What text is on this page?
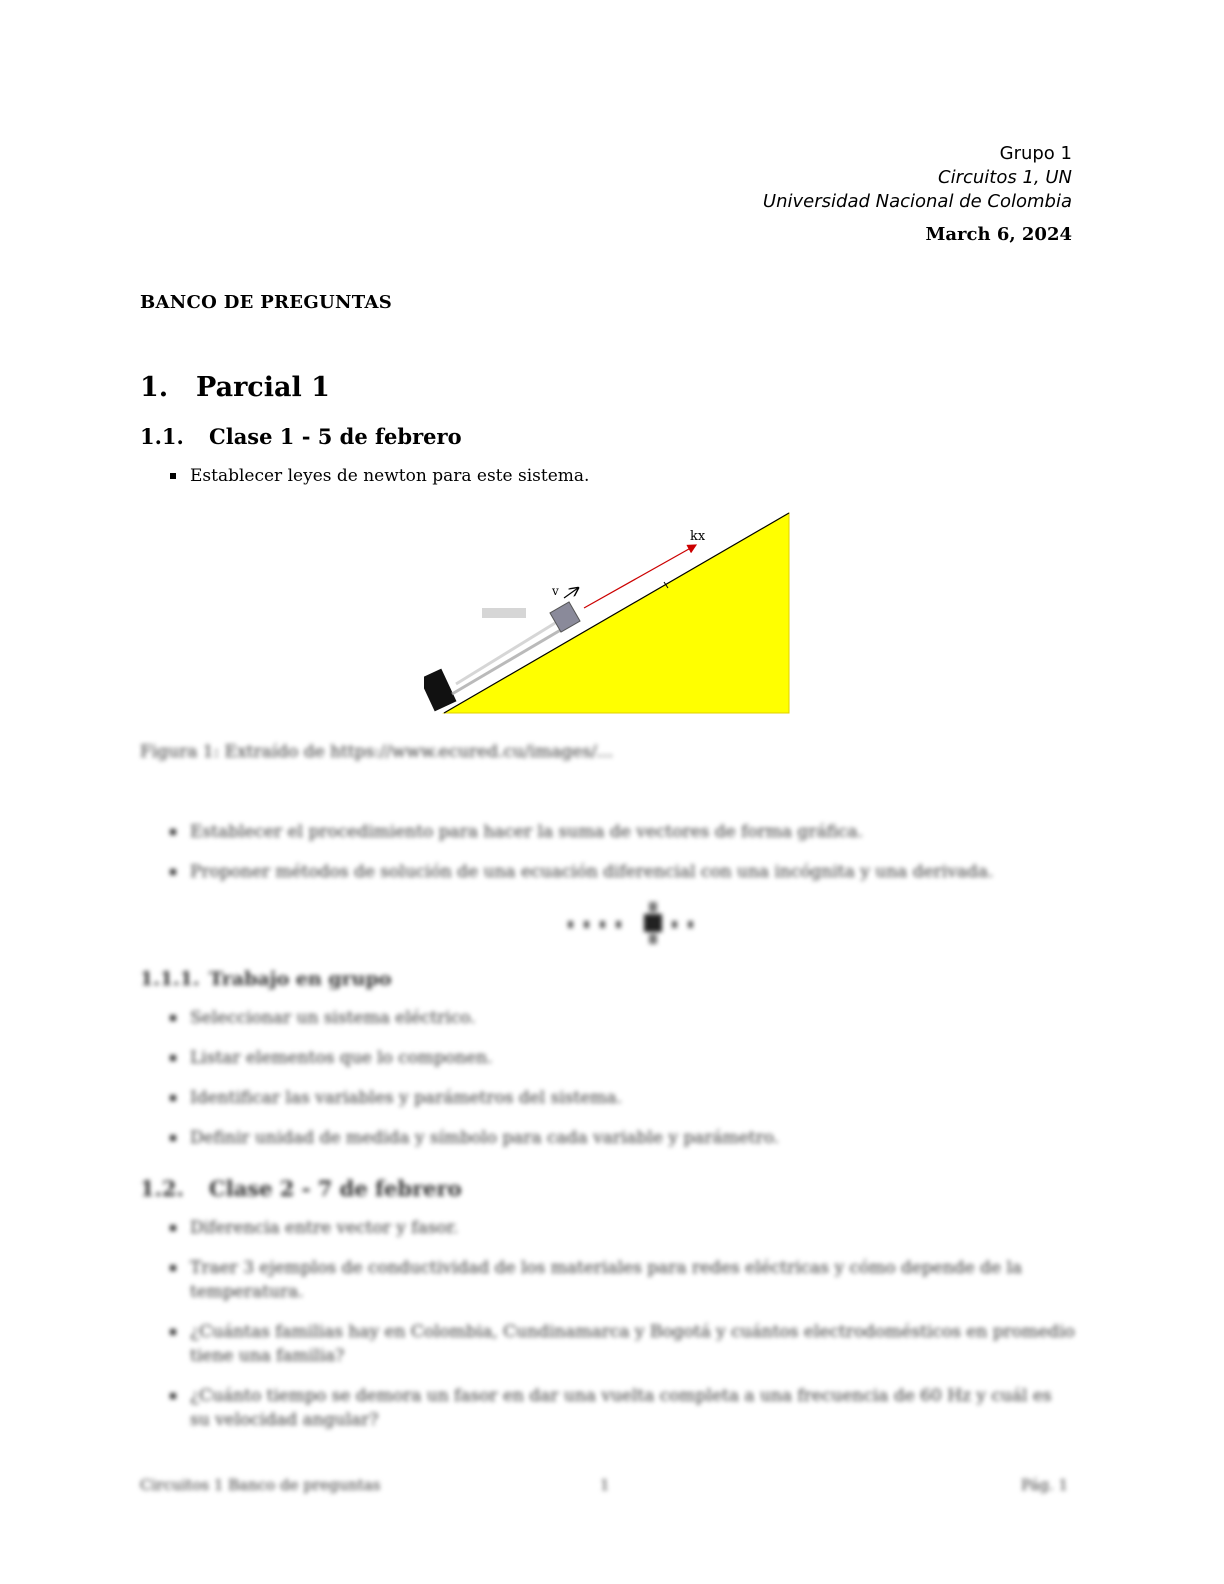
Grupo 1
Circuitos 1, UN
Universidad Nacional de Colombia
March 6, 2024
BANCO DE PREGUNTAS
1. Parcial 1
1.1. Clase 1 - 5 de febrero
Establecer leyes de newton para este sistema.
v
kx
Figura 1: Extraído de https://www.ecured.cu/images/...
Establecer el procedimiento para hacer la suma de vectores de forma gráfica.
Proponer métodos de solución de una ecuación diferencial con una incógnita y una derivada.
1.1.1. Trabajo en grupo
Seleccionar un sistema eléctrico.
Listar elementos que lo componen.
Identificar las variables y parámetros del sistema.
Definir unidad de medida y símbolo para cada variable y parámetro.
1.2. Clase 2 - 7 de febrero
Diferencia entre vector y fasor.
Traer 3 ejemplos de conductividad de los materiales para redes eléctricas y cómo depende de la temperatura.
¿Cuántas familias hay en Colombia, Cundinamarca y Bogotá y cuántos electrodomésticos en promedio tiene una familia?
¿Cuánto tiempo se demora un fasor en dar una vuelta completa a una frecuencia de 60 Hz y cuál es su velocidad angular?
Circuitos 1 Banco de preguntas	1	Pág. 1
